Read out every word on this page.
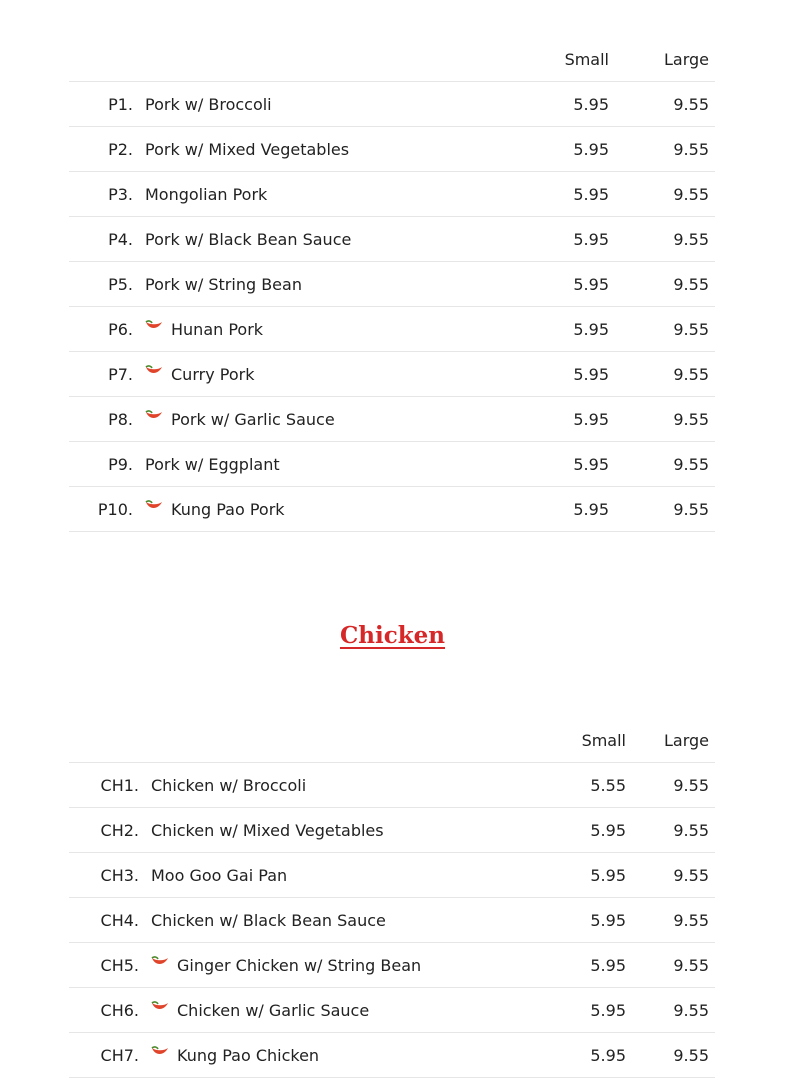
		Small	Large
P1.	Pork w/ Broccoli	5.95	9.55
P2.	Pork w/ Mixed Vegetables	5.95	9.55
P3.	Mongolian Pork	5.95	9.55
P4.	Pork w/ Black Bean Sauce	5.95	9.55
P5.	Pork w/ String Bean	5.95	9.55
P6.	Hunan Pork	5.95	9.55
P7.	Curry Pork	5.95	9.55
P8.	Pork w/ Garlic Sauce	5.95	9.55
P9.	Pork w/ Eggplant	5.95	9.55
P10.	Kung Pao Pork	5.95	9.55
Chicken
		Small	Large
CH1.	Chicken w/ Broccoli	5.55	9.55
CH2.	Chicken w/ Mixed Vegetables	5.95	9.55
CH3.	Moo Goo Gai Pan	5.95	9.55
CH4.	Chicken w/ Black Bean Sauce	5.95	9.55
CH5.	Ginger Chicken w/ String Bean	5.95	9.55
CH6.	Chicken w/ Garlic Sauce	5.95	9.55
CH7.	Kung Pao Chicken	5.95	9.55
